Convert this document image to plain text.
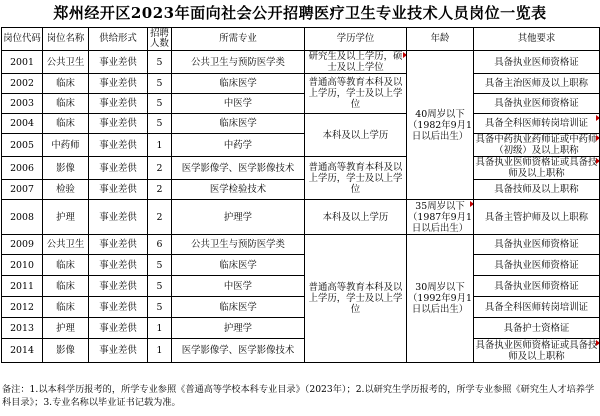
郑州经开区2023年面向社会公开招聘医疗卫生专业技术人员岗位一览表
岗位代码	岗位名称	供给形式	招聘人数	所需专业	学历学位	年龄	其他要求
2001	公共卫生	事业差供	5	公共卫生与预防医学类	研究生及以上学历，硕士及以上学位	40周岁以下（1982年9月1日以后出生）	具备执业医师资格证
2002	临床	事业差供	5	临床医学	普通高等教育本科及以上学历，学士及以上学位		具备主治医师及以上职称
2003	临床	事业差供	5	中医学			具备执业医师资格证
2004	临床	事业差供	5	临床医学	本科及以上学历		具备全科医师转岗培训证

2005	中药师	事业差供	1	中药学			具备中药执业药师证或中药师（初级）及以上职称

2006	影像	事业差供	2	医学影像学、医学影像技术	普通高等教育本科及以上学历，学士及以上学位		具备执业医师资格证或具备技师及以上职称

2007	检验	事业差供	2	医学检验技术			具备技师及以上职称
2008	护理	事业差供	2	护理学	本科及以上学历	35周岁以下（1987年9月1日以后出生）	具备主管护师及以上职称
2009	公共卫生	事业差供	6	公共卫生与预防医学类	普通高等教育本科及以上学历，学士及以上学位	30周岁以下（1992年9月1日以后出生）	具备执业医师资格证
2010	临床	事业差供	5	临床医学			具备执业医师资格证
2011	临床	事业差供	5	中医学			具备执业医师资格证
2012	临床	事业差供	5	临床医学			具备全科医师转岗培训证
2013	护理	事业差供	1	护理学			具备护士资格证
2014	影像	事业差供	1	医学影像学、医学影像技术			具备执业医师资格证或具备技师及以上职称
备注：1.以本科学历报考的，所学专业参照《普通高等学校本科专业目录》（2023年）；2.以研究生学历报考的，所学专业参照《研究生人才培养学科目录》；3.专业名称以毕业证书记载为准。
